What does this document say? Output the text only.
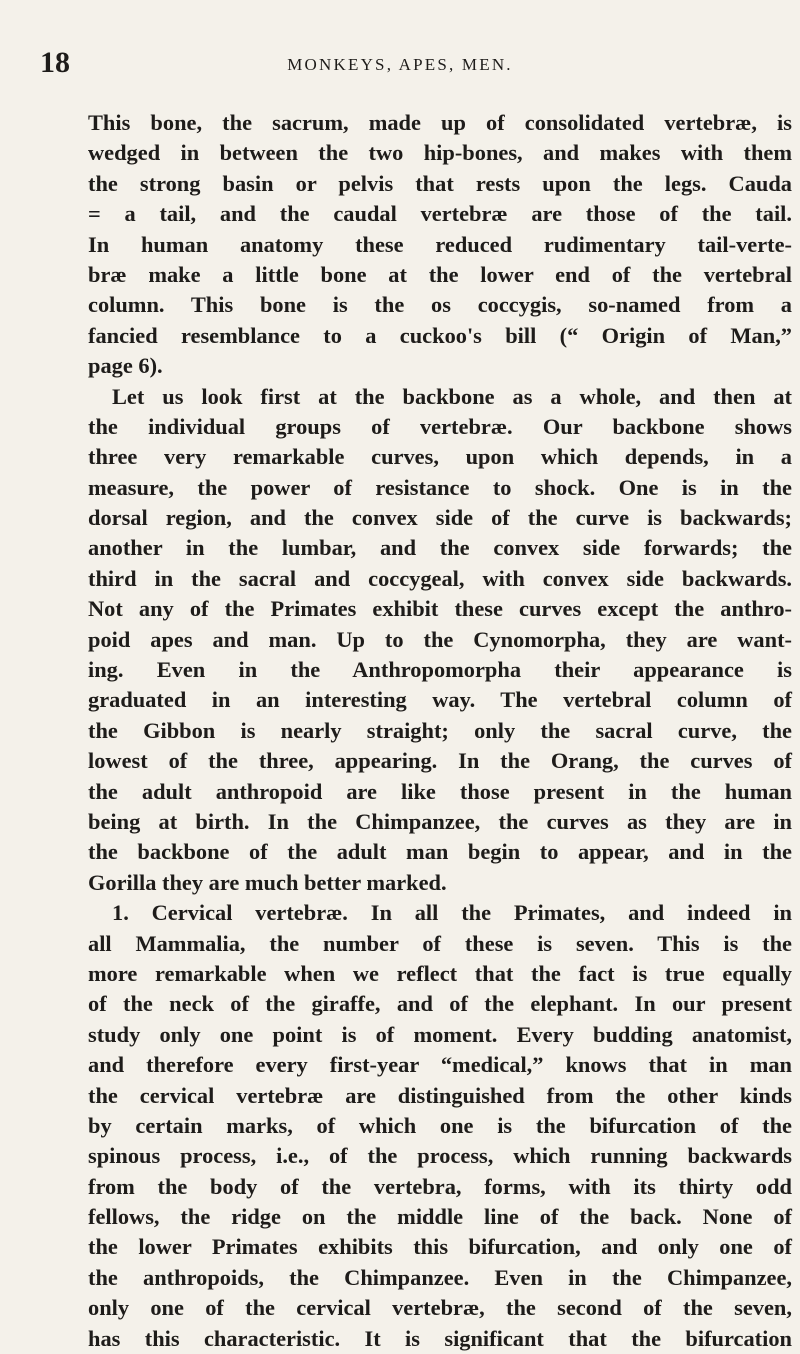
18	MONKEYS, APES, MEN.
This bone, the sacrum, made up of consolidated vertebræ, is
wedged in between the two hip-bones, and makes with them
the strong basin or pelvis that rests upon the legs. Cauda
= a tail, and the caudal vertebræ are those of the tail.
In human anatomy these reduced rudimentary tail-verte-
bræ make a little bone at the lower end of the vertebral
column. This bone is the os coccygis, so-named from a
fancied resemblance to a cuckoo's bill (“ Origin of Man,”
page 6).
Let us look first at the backbone as a whole, and then at
the individual groups of vertebræ. Our backbone shows
three very remarkable curves, upon which depends, in a
measure, the power of resistance to shock. One is in the
dorsal region, and the convex side of the curve is backwards;
another in the lumbar, and the convex side forwards; the
third in the sacral and coccygeal, with convex side backwards.
Not any of the Primates exhibit these curves except the anthro-
poid apes and man. Up to the Cynomorpha, they are want-
ing. Even in the Anthropomorpha their appearance is
graduated in an interesting way. The vertebral column of
the Gibbon is nearly straight; only the sacral curve, the
lowest of the three, appearing. In the Orang, the curves of
the adult anthropoid are like those present in the human
being at birth. In the Chimpanzee, the curves as they are in
the backbone of the adult man begin to appear, and in the
Gorilla they are much better marked.
1. Cervical vertebræ. In all the Primates, and indeed in
all Mammalia, the number of these is seven. This is the
more remarkable when we reflect that the fact is true equally
of the neck of the giraffe, and of the elephant. In our present
study only one point is of moment. Every budding anatomist,
and therefore every first-year “medical,” knows that in man
the cervical vertebræ are distinguished from the other kinds
by certain marks, of which one is the bifurcation of the
spinous process, i.e., of the process, which running backwards
from the body of the vertebra, forms, with its thirty odd
fellows, the ridge on the middle line of the back. None of
the lower Primates exhibits this bifurcation, and only one of
the anthropoids, the Chimpanzee. Even in the Chimpanzee,
only one of the cervical vertebræ, the second of the seven,
has this characteristic. It is significant that the bifurcation
